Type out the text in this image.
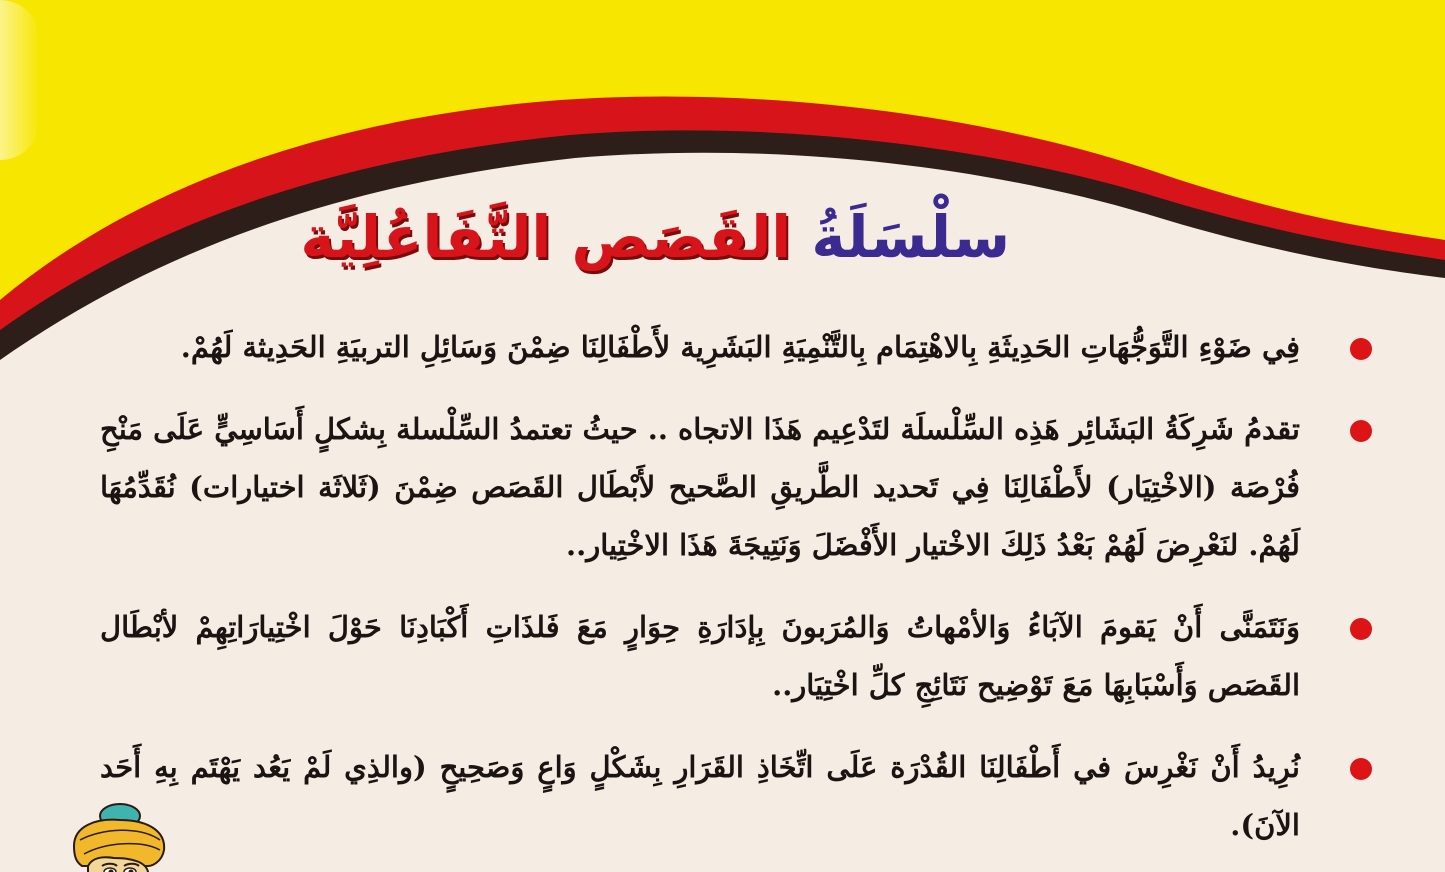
سلْسَلَةُ القَصَص التَّفَاعُلِيَّة

فِي ضَوْءِ التَّوَجُّهَاتِ الحَدِيثَةِ بِالاهْتِمَام بِالتَّنْمِيَةِ البَشَرِية لأَطْفَالِنَا ضِمْنَ وَسَائِلِ التربيَةِ الحَدِيثة لَهُمْ.

تقدمُ شَرِكَةُ البَشَائِر هَذِه السِّلْسلَة لتَدْعِيم هَذَا الاتجاه .. حيثُ تعتمدُ السِّلْسلة بِشكلٍ أَسَاسِيٍّ عَلَى مَنْحِ فُرْصَة (الاخْتِيَار) لأَطْفَالِنَا فِي تَحديد الطَّريقِ الصَّحيح لأَبْطَال القَصَص ضِمْنَ (ثَلاثَة اختيارات) نُقَدِّمُهَا لَهُمْ. لنَعْرِضَ لَهُمْ بَعْدُ ذَلِكَ الاخْتيار الأَفْضَلَ وَنَتِيجَةَ هَذَا الاخْتِيار..

وَنَتَمَنَّى أَنْ يَقومَ الآبَاءُ وَالأمْهاتُ وَالمُرَبونَ بِإدَارَةِ حِوَارٍ مَعَ فَلذَاتِ أَكْبَادِنَا حَوْلَ اخْتِيارَاتِهِمْ لأبْطَال القَصَص وَأَسْبَابِهَا مَعَ تَوْضِيح نَتَائِجِ كلِّ اخْتِيَار..

نُرِيدُ أَنْ نَغْرِسَ في أَطْفَالِنَا القُدْرَة عَلَى اتِّخَاذِ القَرَارِ بِشَكْلٍ وَاعٍ وَصَحِيحٍ (والذِي لَمْ يَعُد يَهْتَم بِهِ أَحَد الآنَ).
